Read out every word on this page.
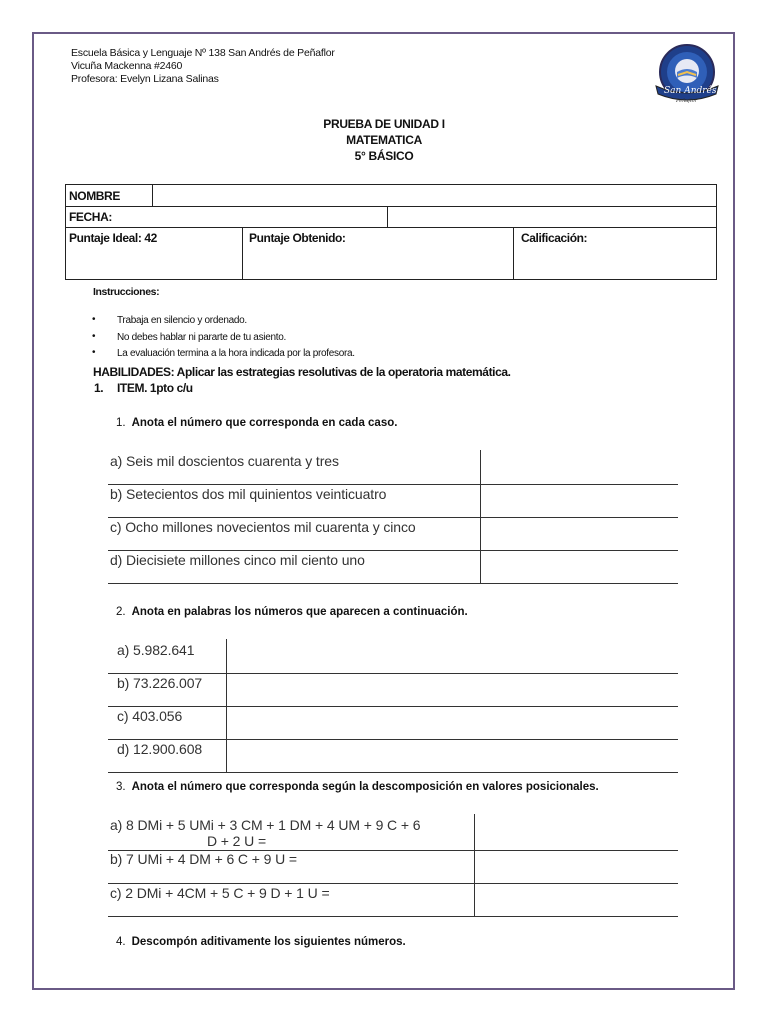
Escuela Básica y Lenguaje Nº 138 San Andrés de Peñaflor
Vicuña Mackenna #2460
Profesora: Evelyn Lizana Salinas
San Andrés
Peñaflor
PRUEBA DE UNIDAD I
MATEMATICA
5° BÁSICO
NOMBRE
FECHA:
Puntaje Ideal: 42	Puntaje Obtenido:	Calificación:
Instrucciones:
• Trabaja en silencio y ordenado.
• No debes hablar ni pararte de tu asiento.
• La evaluación termina a la hora indicada por la profesora.
HABILIDADES: Aplicar las estrategias resolutivas de la operatoria matemática.
1. ITEM. 1pto c/u
1. Anota el número que corresponda en cada caso.
a) Seis mil doscientos cuarenta y tres
b) Setecientos dos mil quinientos veinticuatro
c) Ocho millones novecientos mil cuarenta y cinco
d) Diecisiete millones cinco mil ciento uno
2. Anota en palabras los números que aparecen a continuación.
a) 5.982.641
b) 73.226.007
c) 403.056
d) 12.900.608
3. Anota el número que corresponda según la descomposición en valores posicionales.
a) 8 DMi + 5 UMi + 3 CM + 1 DM + 4 UM + 9 C + 6
D + 2 U =
b) 7 UMi + 4 DM + 6 C + 9 U =
c) 2 DMi + 4CM + 5 C + 9 D + 1 U =
4. Descompón aditivamente los siguientes números.
